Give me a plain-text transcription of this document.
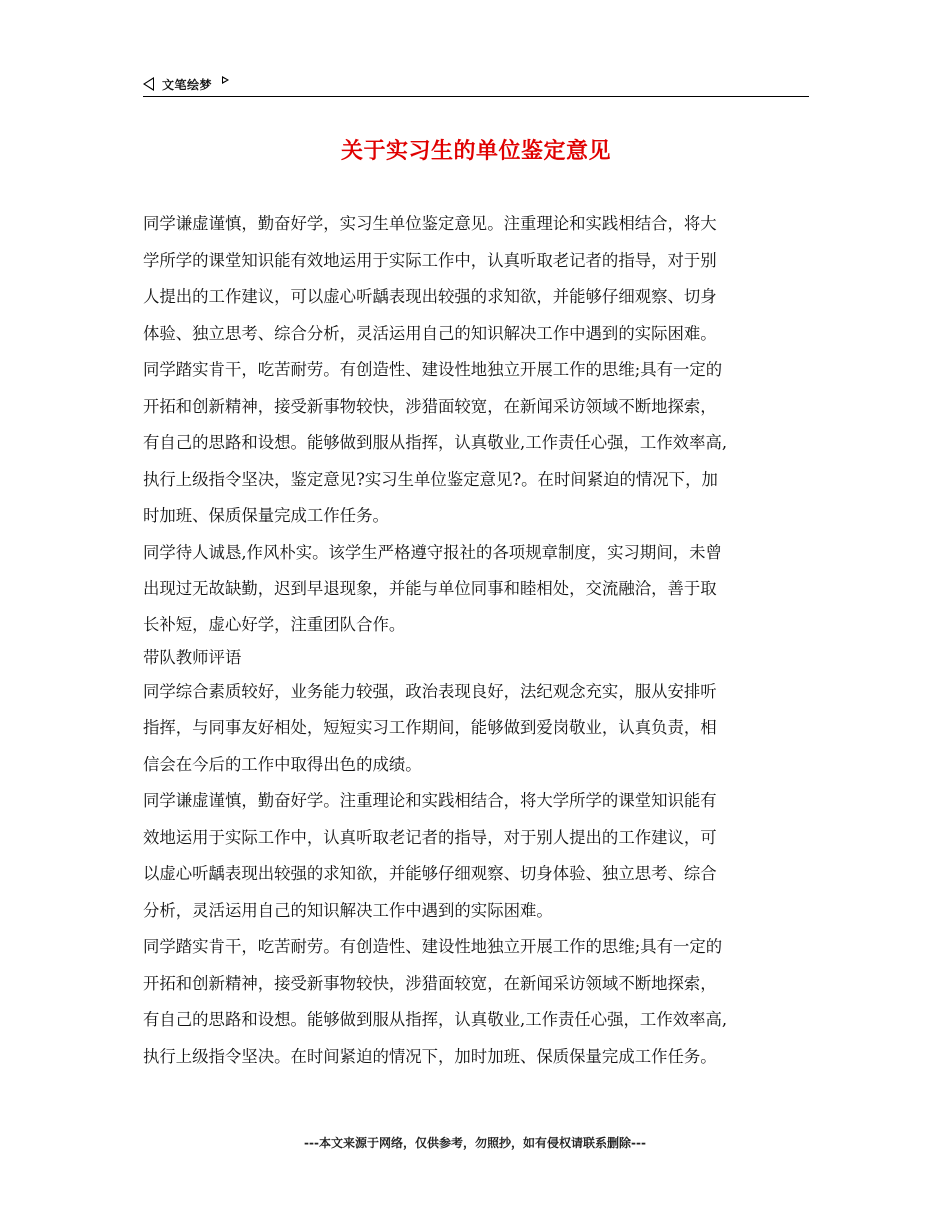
文笔绘梦
关于实习生的单位鉴定意见
同学谦虚谨慎，勤奋好学，实习生单位鉴定意见。注重理论和实践相结合，将大
学所学的课堂知识能有效地运用于实际工作中，认真听取老记者的指导，对于别
人提出的工作建议，可以虚心听龋表现出较强的求知欲，并能够仔细观察、切身
体验、独立思考、综合分析，灵活运用自己的知识解决工作中遇到的实际困难。
同学踏实肯干，吃苦耐劳。有创造性、建设性地独立开展工作的思维;具有一定的
开拓和创新精神，接受新事物较快，涉猎面较宽，在新闻采访领域不断地探索，
有自己的思路和设想。能够做到服从指挥，认真敬业,工作责任心强，工作效率高,
执行上级指令坚决，鉴定意见?实习生单位鉴定意见?。在时间紧迫的情况下，加
时加班、保质保量完成工作任务。
同学待人诚恳,作风朴实。该学生严格遵守报社的各项规章制度，实习期间，未曾
出现过无故缺勤，迟到早退现象，并能与单位同事和睦相处，交流融洽，善于取
长补短，虚心好学，注重团队合作。
带队教师评语
同学综合素质较好，业务能力较强，政治表现良好，法纪观念充实，服从安排听
指挥，与同事友好相处，短短实习工作期间，能够做到爱岗敬业，认真负责，相
信会在今后的工作中取得出色的成绩。
同学谦虚谨慎，勤奋好学。注重理论和实践相结合，将大学所学的课堂知识能有
效地运用于实际工作中，认真听取老记者的指导，对于别人提出的工作建议，可
以虚心听龋表现出较强的求知欲，并能够仔细观察、切身体验、独立思考、综合
分析，灵活运用自己的知识解决工作中遇到的实际困难。
同学踏实肯干，吃苦耐劳。有创造性、建设性地独立开展工作的思维;具有一定的
开拓和创新精神，接受新事物较快，涉猎面较宽，在新闻采访领域不断地探索，
有自己的思路和设想。能够做到服从指挥，认真敬业,工作责任心强，工作效率高,
执行上级指令坚决。在时间紧迫的情况下，加时加班、保质保量完成工作任务。
---本文来源于网络，仅供参考，勿照抄，如有侵权请联系删除---
